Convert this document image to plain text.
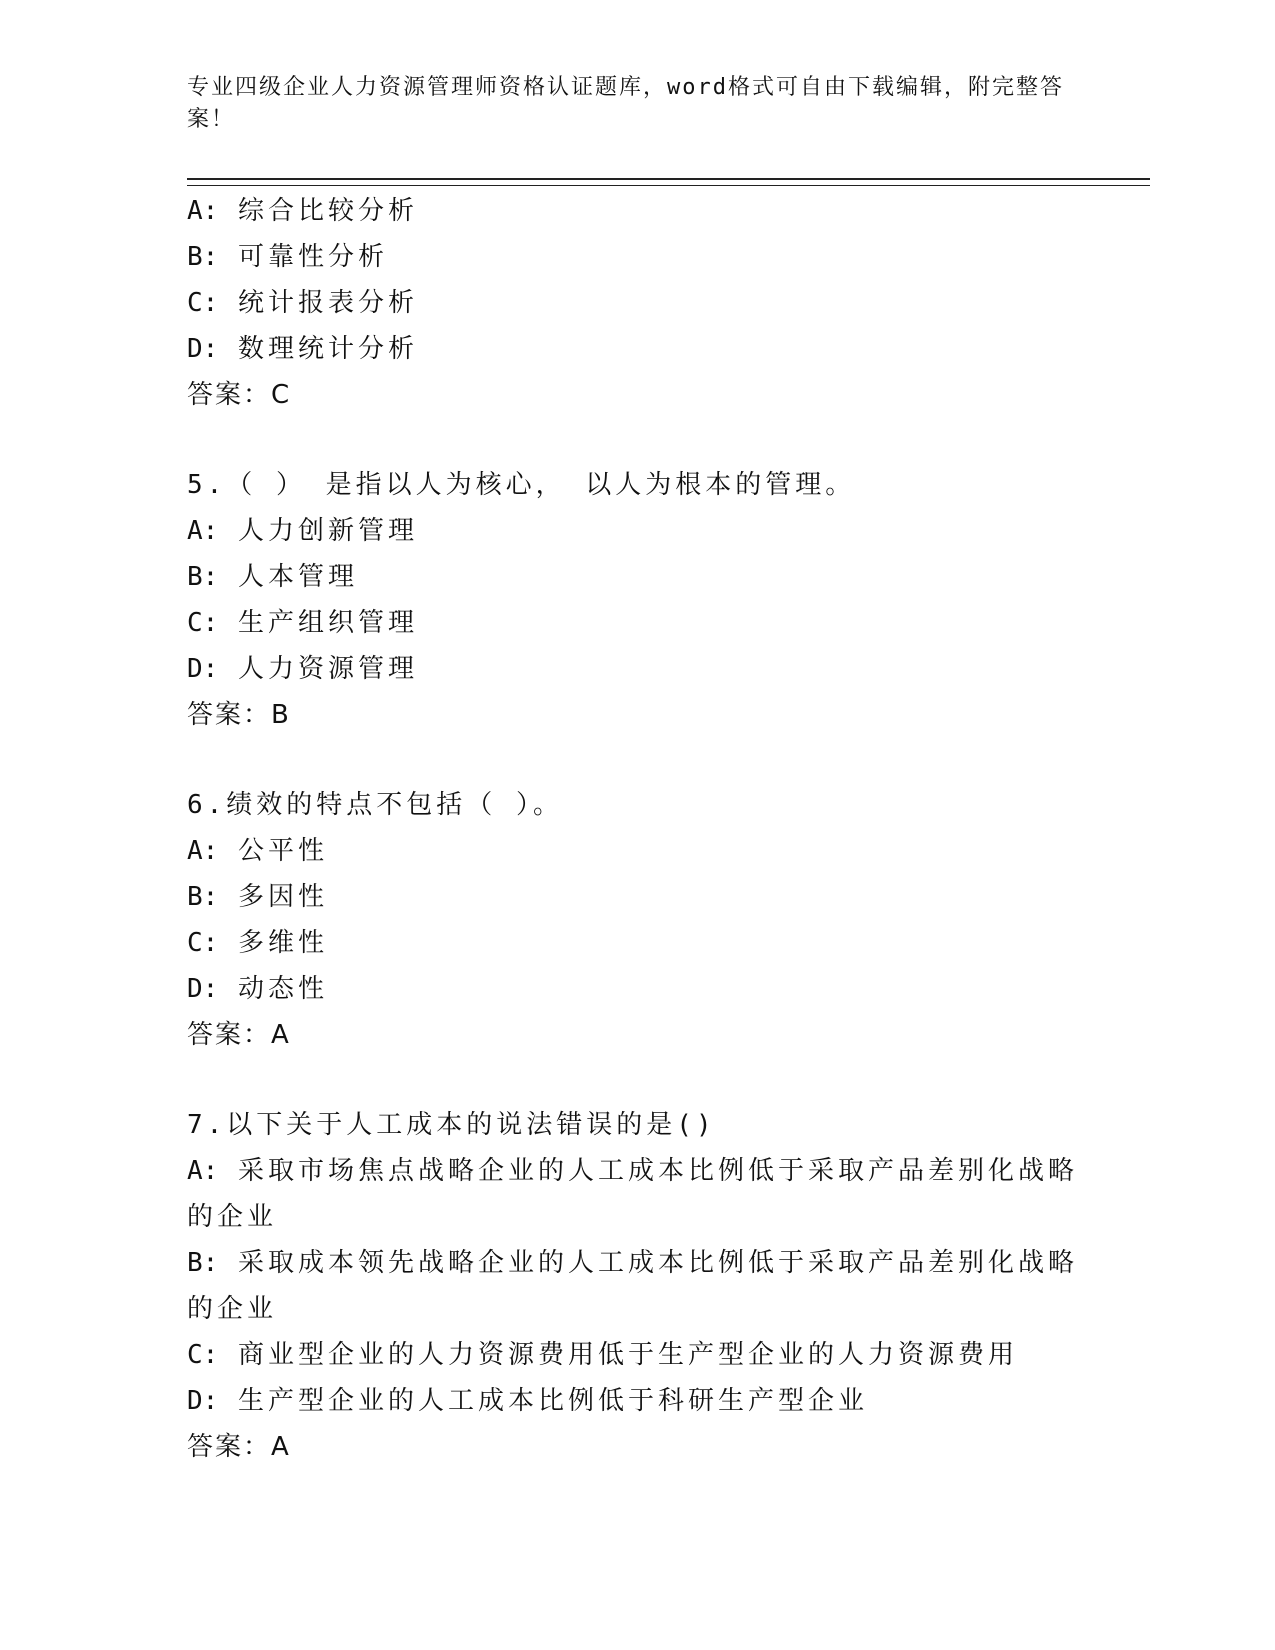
专业四级企业人力资源管理师资格认证题库，word格式可自由下载编辑，附完整答案！
A: 综合比较分析
B: 可靠性分析
C: 统计报表分析
D: 数理统计分析
答案：C
5.（ ） 是指以人为核心， 以人为根本的管理。
A: 人力创新管理
B: 人本管理
C: 生产组织管理
D: 人力资源管理
答案：B
6.绩效的特点不包括（ ）。
A: 公平性
B: 多因性
C: 多维性
D: 动态性
答案：A
7.以下关于人工成本的说法错误的是()
A: 采取市场焦点战略企业的人工成本比例低于采取产品差别化战略的企业
B: 采取成本领先战略企业的人工成本比例低于采取产品差别化战略的企业
C: 商业型企业的人力资源费用低于生产型企业的人力资源费用
D: 生产型企业的人工成本比例低于科研生产型企业
答案：A
